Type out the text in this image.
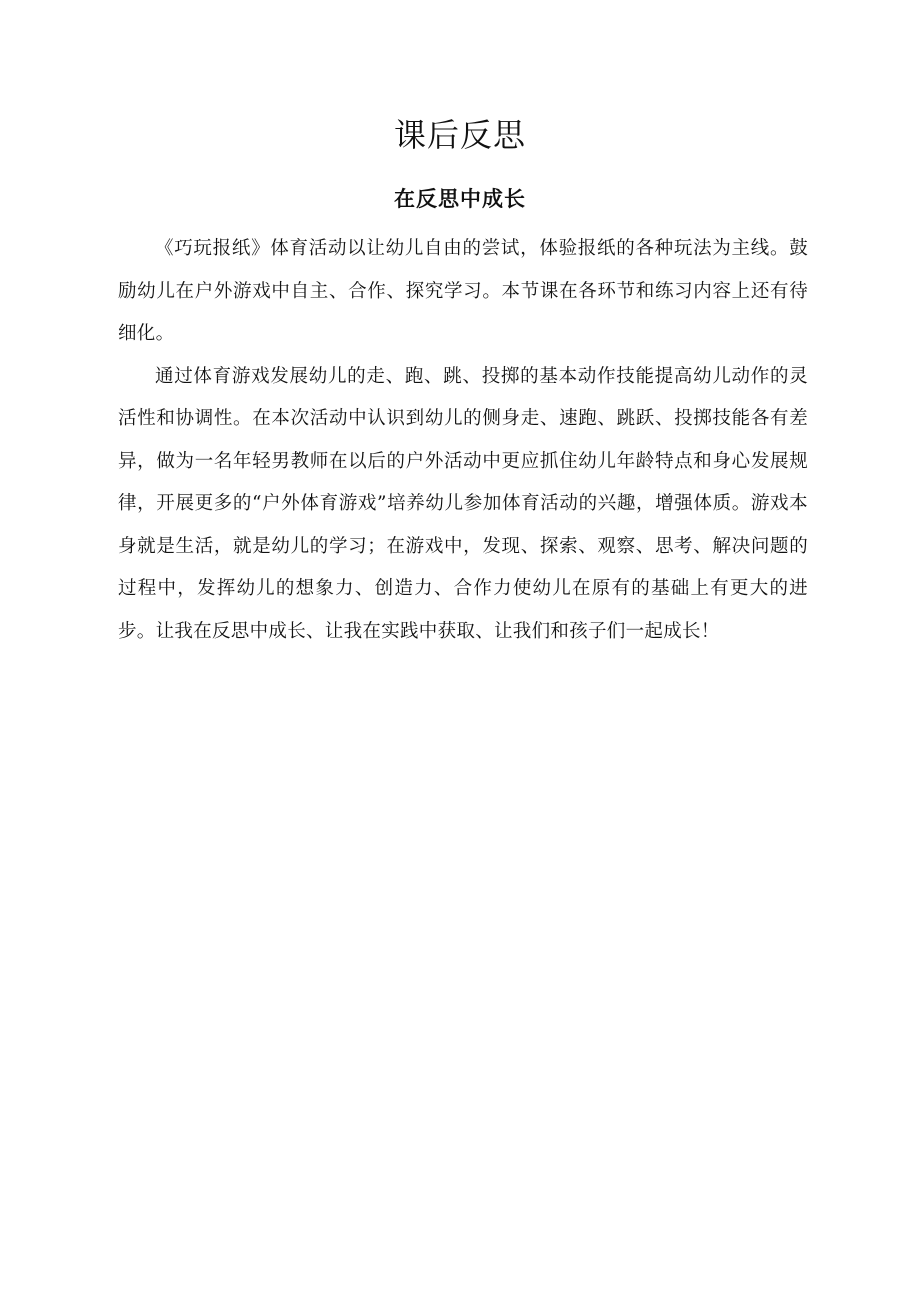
课后反思
在反思中成长

《巧玩报纸》体育活动以让幼儿自由的尝试，体验报纸的各种玩法为主线。鼓励幼儿在户外游戏中自主、合作、探究学习。本节课在各环节和练习内容上还有待细化。

通过体育游戏发展幼儿的走、跑、跳、投掷的基本动作技能提高幼儿动作的灵活性和协调性。在本次活动中认识到幼儿的侧身走、速跑、跳跃、投掷技能各有差异，做为一名年轻男教师在以后的户外活动中更应抓住幼儿年龄特点和身心发展规律，开展更多的“户外体育游戏”培养幼儿参加体育活动的兴趣，增强体质。游戏本身就是生活，就是幼儿的学习；在游戏中，发现、探索、观察、思考、解决问题的过程中，发挥幼儿的想象力、创造力、合作力使幼儿在原有的基础上有更大的进步。让我在反思中成长、让我在实践中获取、让我们和孩子们一起成长！
